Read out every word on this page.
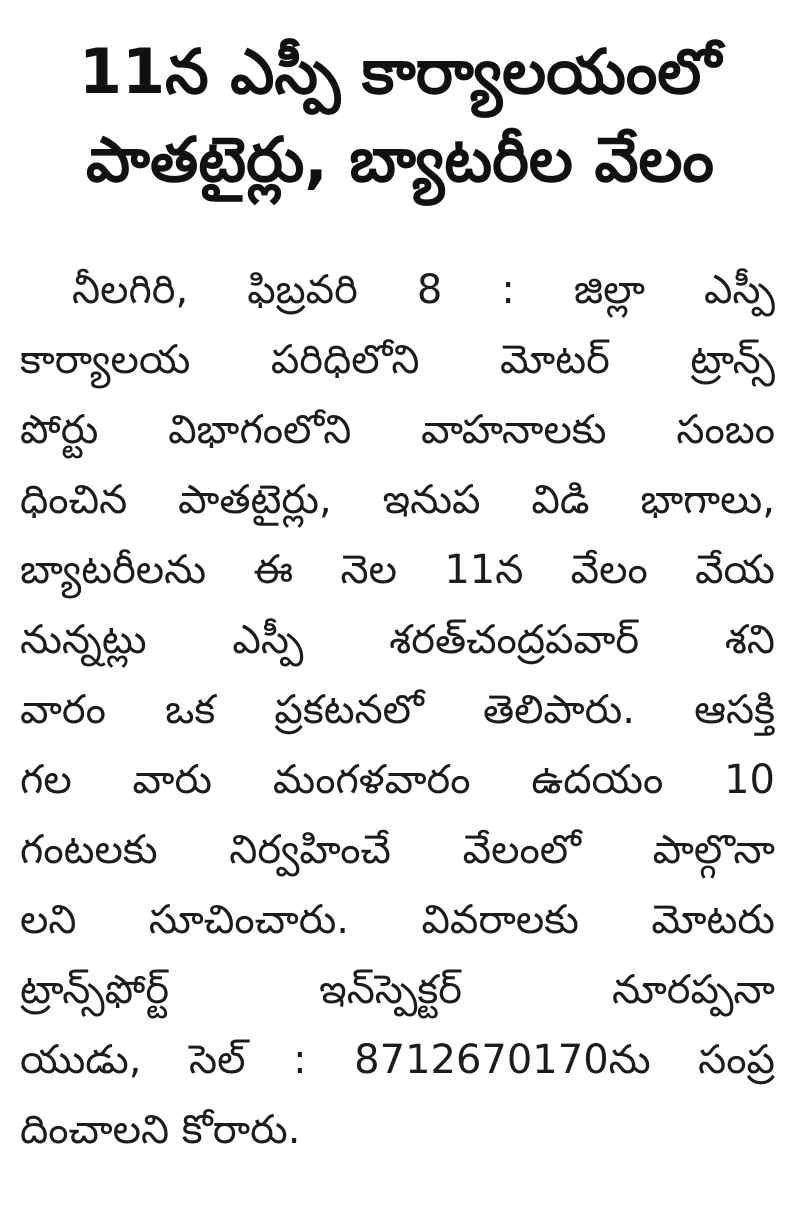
11న ఎస్పీ కార్యాలయంలో
పాతటైర్లు, బ్యాటరీల వేలం
నీలగిరి, ఫిబ్రవరి 8 : జిల్లా ఎస్పీ
కార్యాలయ పరిధిలోని మోటర్ ట్రాన్స్
పోర్టు విభాగంలోని వాహనాలకు సంబం
ధించిన పాతటైర్లు, ఇనుప విడి భాగాలు,
బ్యాటరీలను ఈ నెల 11న వేలం వేయ
నున్నట్లు ఎస్పీ శరత్‌చంద్రపవార్ శని
వారం ఒక ప్రకటనలో తెలిపారు. ఆసక్తి
గల వారు మంగళవారం ఉదయం 10
గంటలకు నిర్వహించే వేలంలో పాల్గొనా
లని సూచించారు. వివరాలకు మోటరు
ట్రాన్స్‌ఫోర్ట్ ఇన్‌స్పెక్టర్ నూరప్పనా
యుడు, సెల్ : 8712670170ను సంప్ర
దించాలని కోరారు.
